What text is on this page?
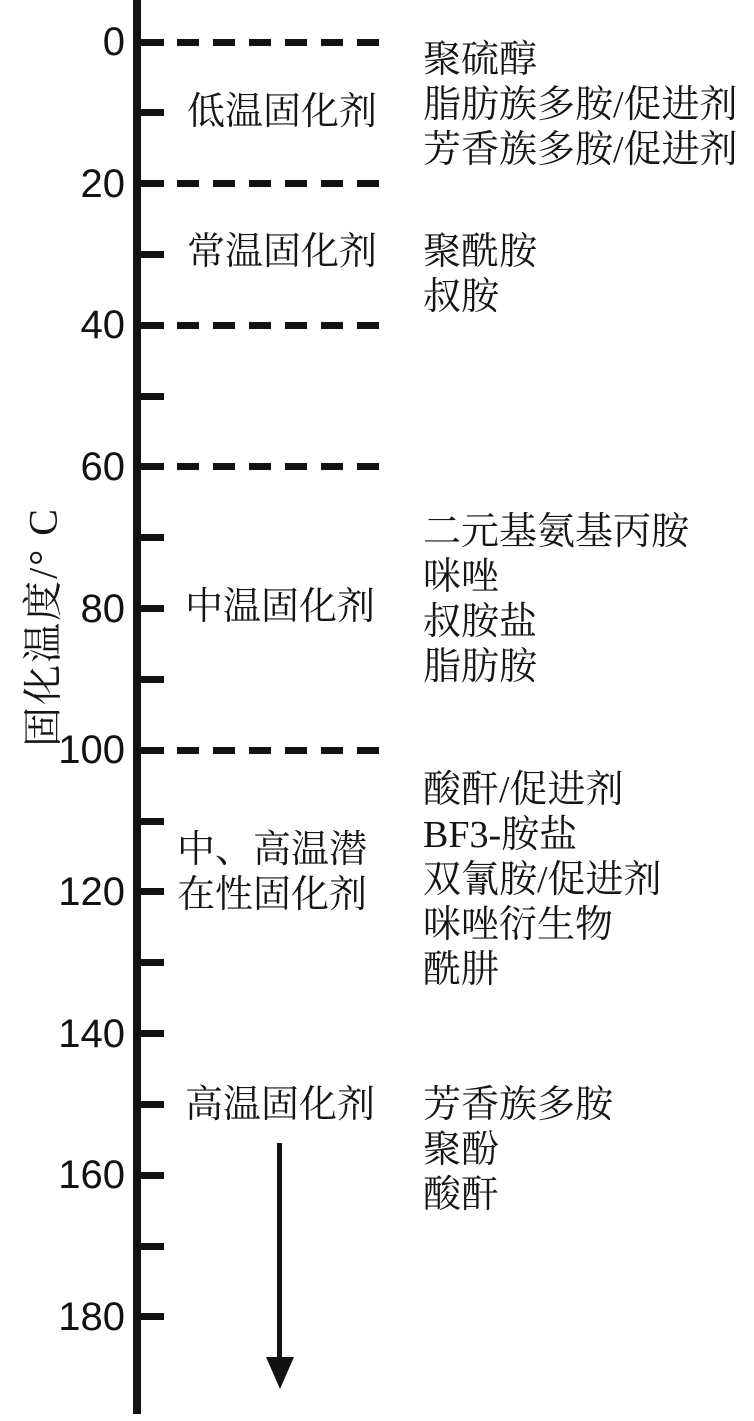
固化温度/° C
0
20
40
60
80
100
120
140
160
180
低温固化剂
常温固化剂
中温固化剂
中、高温潜
在性固化剂
高温固化剂
聚硫醇
脂肪族多胺/促进剂
芳香族多胺/促进剂
聚酰胺
叔胺
二元基氨基丙胺
咪唑
叔胺盐
脂肪胺
酸酐/促进剂
BF3-胺盐
双氰胺/促进剂
咪唑衍生物
酰肼
芳香族多胺
聚酚
酸酐
